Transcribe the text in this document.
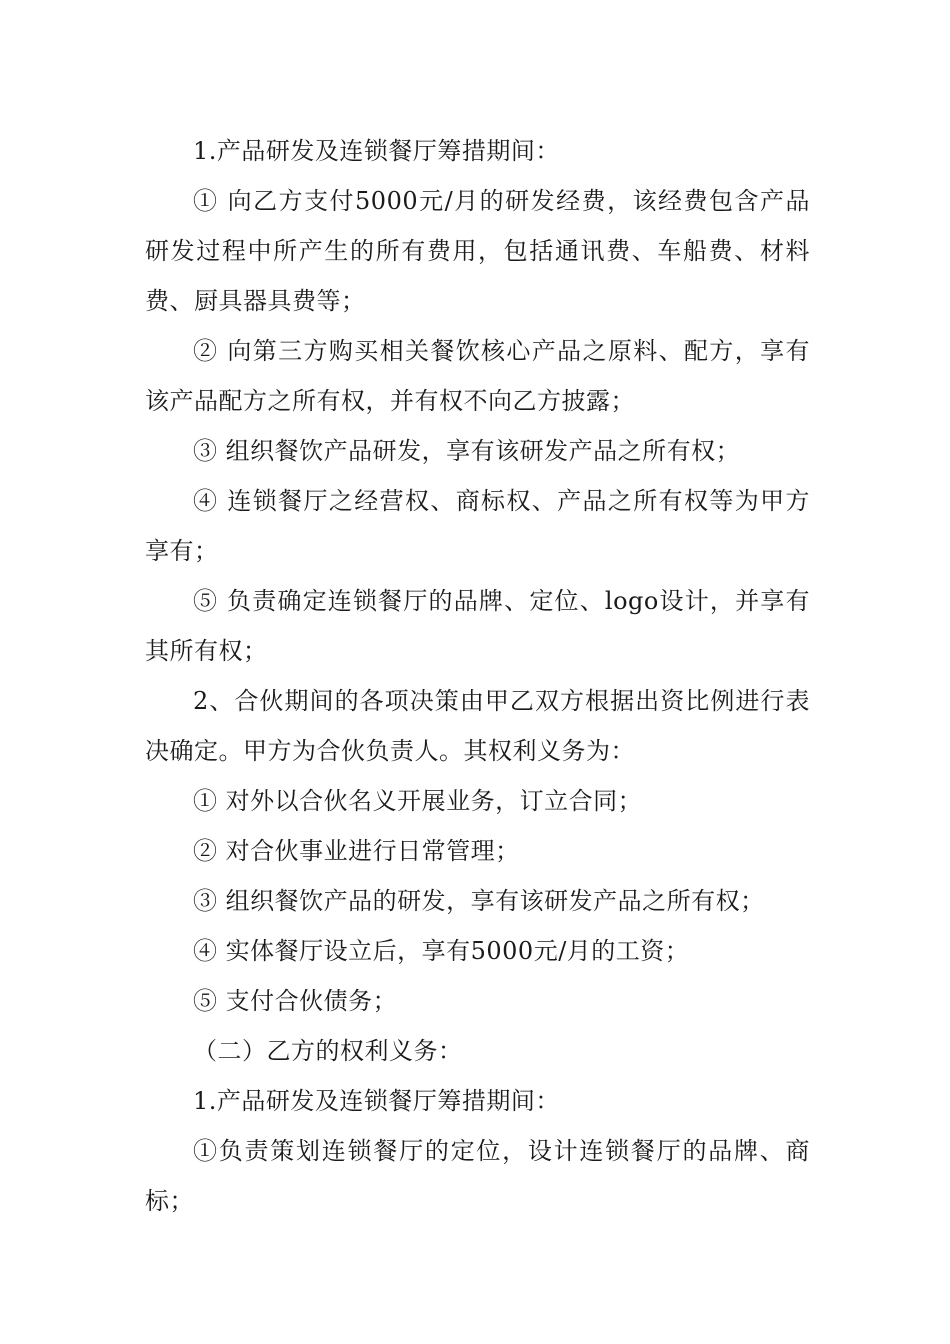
1.产品研发及连锁餐厅筹措期间：

① 向乙方支付5000元/月的研发经费，该经费包含产品研发过程中所产生的所有费用，包括通讯费、车船费、材料费、厨具器具费等；

② 向第三方购买相关餐饮核心产品之原料、配方，享有该产品配方之所有权，并有权不向乙方披露；

③ 组织餐饮产品研发，享有该研发产品之所有权；

④ 连锁餐厅之经营权、商标权、产品之所有权等为甲方享有；

⑤ 负责确定连锁餐厅的品牌、定位、logo设计，并享有其所有权；

2、合伙期间的各项决策由甲乙双方根据出资比例进行表决确定。甲方为合伙负责人。其权利义务为：

① 对外以合伙名义开展业务，订立合同；

② 对合伙事业进行日常管理；

③ 组织餐饮产品的研发，享有该研发产品之所有权；

④ 实体餐厅设立后，享有5000元/月的工资；

⑤ 支付合伙债务；

（二）乙方的权利义务：

1.产品研发及连锁餐厅筹措期间：

①负责策划连锁餐厅的定位，设计连锁餐厅的品牌、商标；
